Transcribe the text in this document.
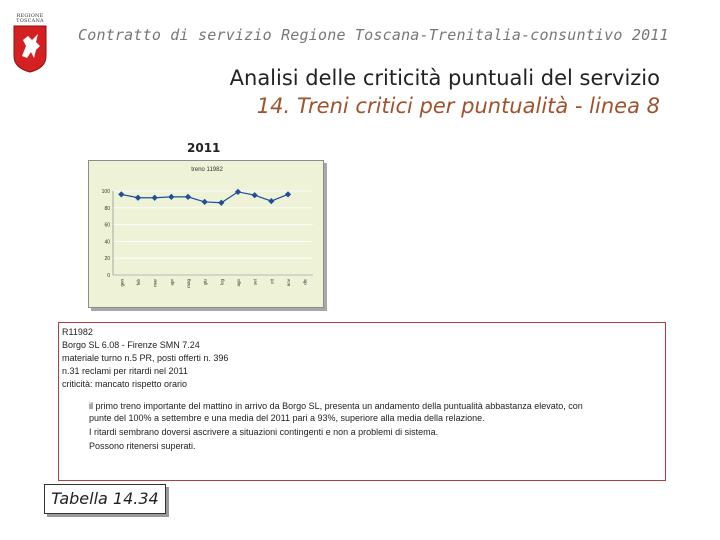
REGIONE
TOSCANA
Contratto di servizio Regione Toscana-Trenitalia-consuntivo 2011
Analisi delle criticità puntuali del servizio
14. Treni critici per puntualità - linea 8
2011
treno 11982
100
80
60
40
20
0
gen	feb	mar	apr	mag	giu	lug	ago	set	ott	nov	dic
R11982
Borgo SL 6.08 - Firenze SMN 7.24
materiale turno n.5 PR, posti offerti n. 396
n.31 reclami per ritardi nel 2011
criticità: mancato rispetto orario
il primo treno importante del mattino in arrivo da Borgo SL, presenta un andamento della puntualità abbastanza elevato, con
punte del 100% a settembre e una media del 2011 pari a 93%, superiore alla media della relazione.
I ritardi sembrano doversi ascrivere a situazioni contingenti e non a problemi di sistema.
Possono ritenersi superati.
Tabella 14.34
